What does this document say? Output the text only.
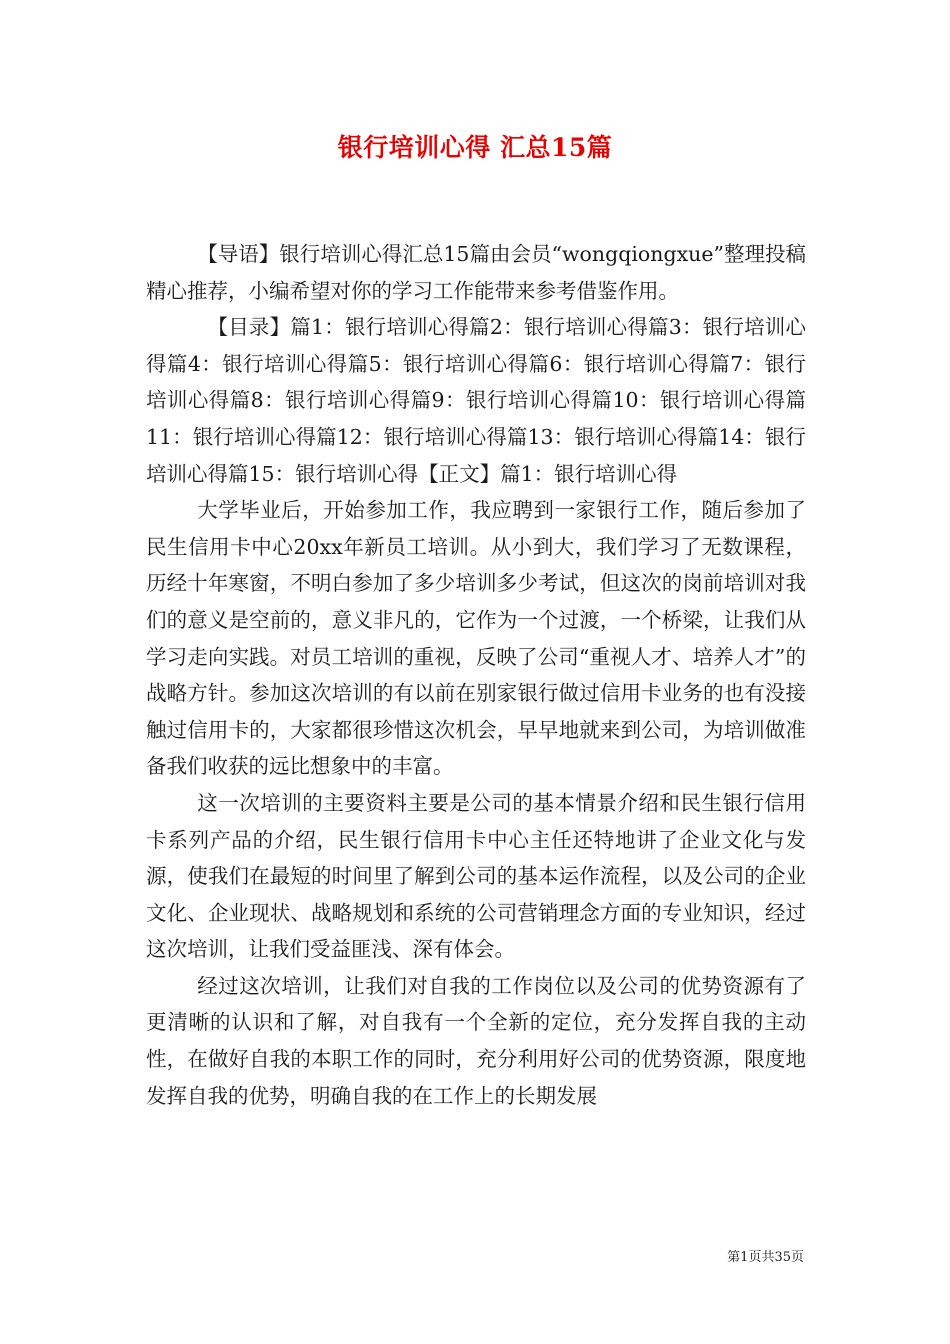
银行培训心得 汇总15篇

【导语】银行培训心得汇总15篇由会员“wongqiongxue”整理投稿精心推荐，小编希望对你的学习工作能带来参考借鉴作用。

【目录】篇1：银行培训心得篇2：银行培训心得篇3：银行培训心得篇4：银行培训心得篇5：银行培训心得篇6：银行培训心得篇7：银行培训心得篇8：银行培训心得篇9：银行培训心得篇10：银行培训心得篇11：银行培训心得篇12：银行培训心得篇13：银行培训心得篇14：银行培训心得篇15：银行培训心得【正文】篇1：银行培训心得

大学毕业后，开始参加工作，我应聘到一家银行工作，随后参加了民生信用卡中心20xx年新员工培训。从小到大，我们学习了无数课程，历经十年寒窗，不明白参加了多少培训多少考试，但这次的岗前培训对我们的意义是空前的，意义非凡的，它作为一个过渡，一个桥梁，让我们从学习走向实践。对员工培训的重视，反映了公司“重视人才、培养人才”的战略方针。参加这次培训的有以前在别家银行做过信用卡业务的也有没接触过信用卡的，大家都很珍惜这次机会，早早地就来到公司，为培训做准备我们收获的远比想象中的丰富。

这一次培训的主要资料主要是公司的基本情景介绍和民生银行信用卡系列产品的介绍，民生银行信用卡中心主任还特地讲了企业文化与发源，使我们在最短的时间里了解到公司的基本运作流程，以及公司的企业文化、企业现状、战略规划和系统的公司营销理念方面的专业知识，经过这次培训，让我们受益匪浅、深有体会。

经过这次培训，让我们对自我的工作岗位以及公司的优势资源有了更清晰的认识和了解，对自我有一个全新的定位，充分发挥自我的主动性，在做好自我的本职工作的同时，充分利用好公司的优势资源，限度地发挥自我的优势，明确自我的在工作上的长期发展

第1页共35页
